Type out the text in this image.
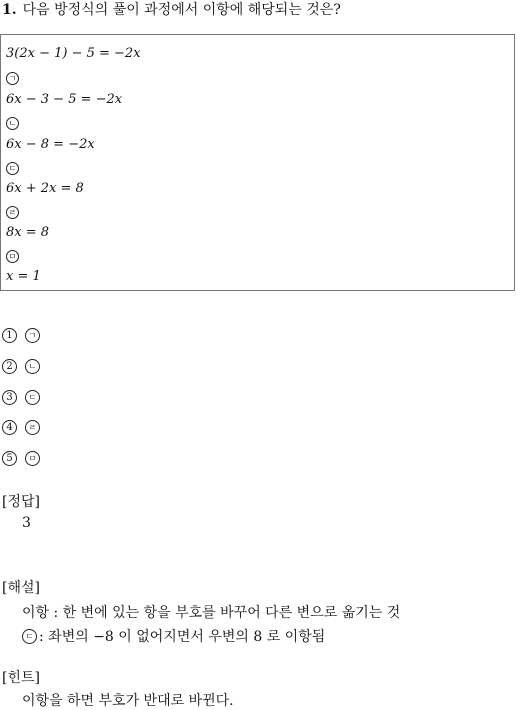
1. 다음 방정식의 풀이 과정에서 이항에 해당되는 것은?
3(2x − 1) − 5 = −2x
ㄱ
6x − 3 − 5 = −2x
ㄴ
6x − 8 = −2x
ㄷ
6x + 2x = 8
ㄹ
8x = 8
ㅁ
x = 1
1	ㄱ
2	ㄴ
3	ㄷ
4	ㄹ
5	ㅁ
[정답]
3
[해설]
이항 : 한 변에 있는 항을 부호를 바꾸어 다른 변으로 옮기는 것
ㄷ : 좌변의 −8 이 없어지면서 우변의 8 로 이항됨
[힌트]
이항을 하면 부호가 반대로 바뀐다.
